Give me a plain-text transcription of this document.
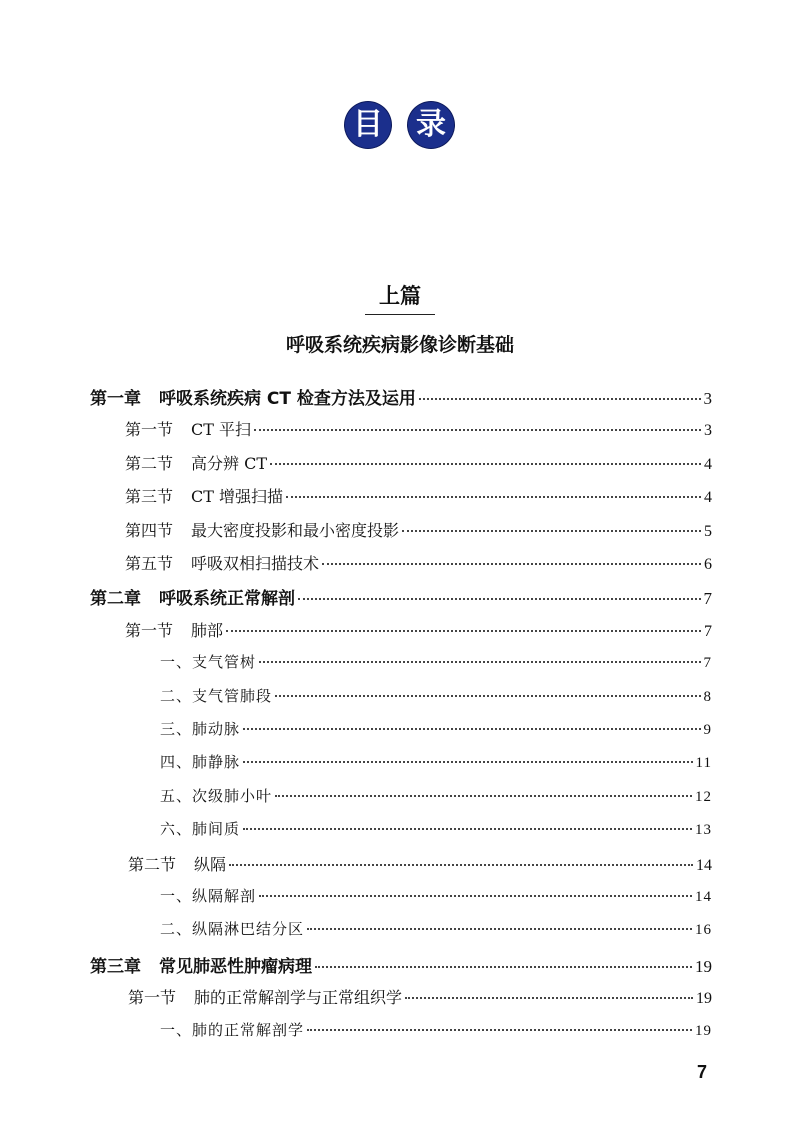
目 录
上篇
呼吸系统疾病影像诊断基础
第一章 呼吸系统疾病 CT 检查方法及运用	3
第一节 CT 平扫	3
第二节 高分辨 CT	4
第三节 CT 增强扫描	4
第四节 最大密度投影和最小密度投影	5
第五节 呼吸双相扫描技术	6
第二章 呼吸系统正常解剖	7
第一节 肺部	7
一、支气管树	7
二、支气管肺段	8
三、肺动脉	9
四、肺静脉	11
五、次级肺小叶	12
六、肺间质	13
第二节 纵隔	14
一、纵隔解剖	14
二、纵隔淋巴结分区	16
第三章 常见肺恶性肿瘤病理	19
第一节 肺的正常解剖学与正常组织学	19
一、肺的正常解剖学	19
7
